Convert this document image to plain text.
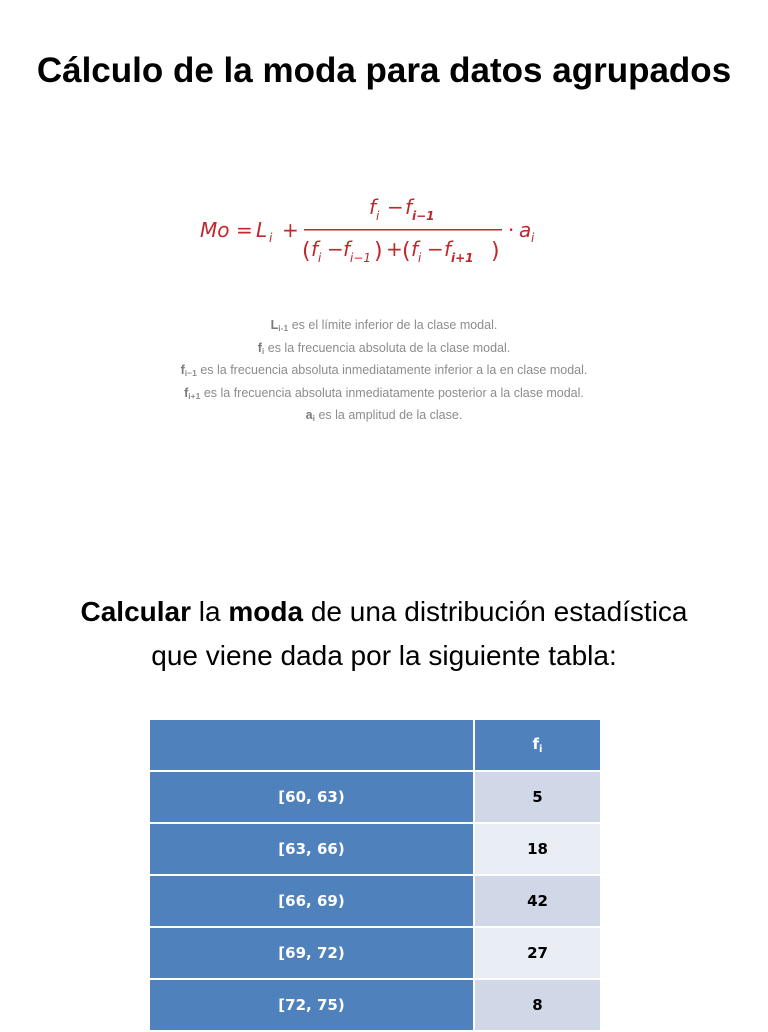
Cálculo de la moda para datos agrupados
Mo = L i +
f i − f i−1
( f i − f i−1 ) + ( f i − f i+1 )
· a i
$L_{i-1}$ es el límite inferior de la clase modal.
$f_i$ es la frecuencia absoluta de la clase modal.
$f_{i-1}$ es la frecuencia absoluta inmediatamente inferior a la en clase modal.
$f_{i+1}$ es la frecuencia absoluta inmediatamente posterior a la clase modal.
$a_i$ es la amplitud de la clase.
Calcular la moda de una distribución estadística
que viene dada por la siguiente tabla:
	$f_i$
[60, 63)	5
[63, 66)	18
[66, 69)	42
[69, 72)	27
[72, 75)	8
